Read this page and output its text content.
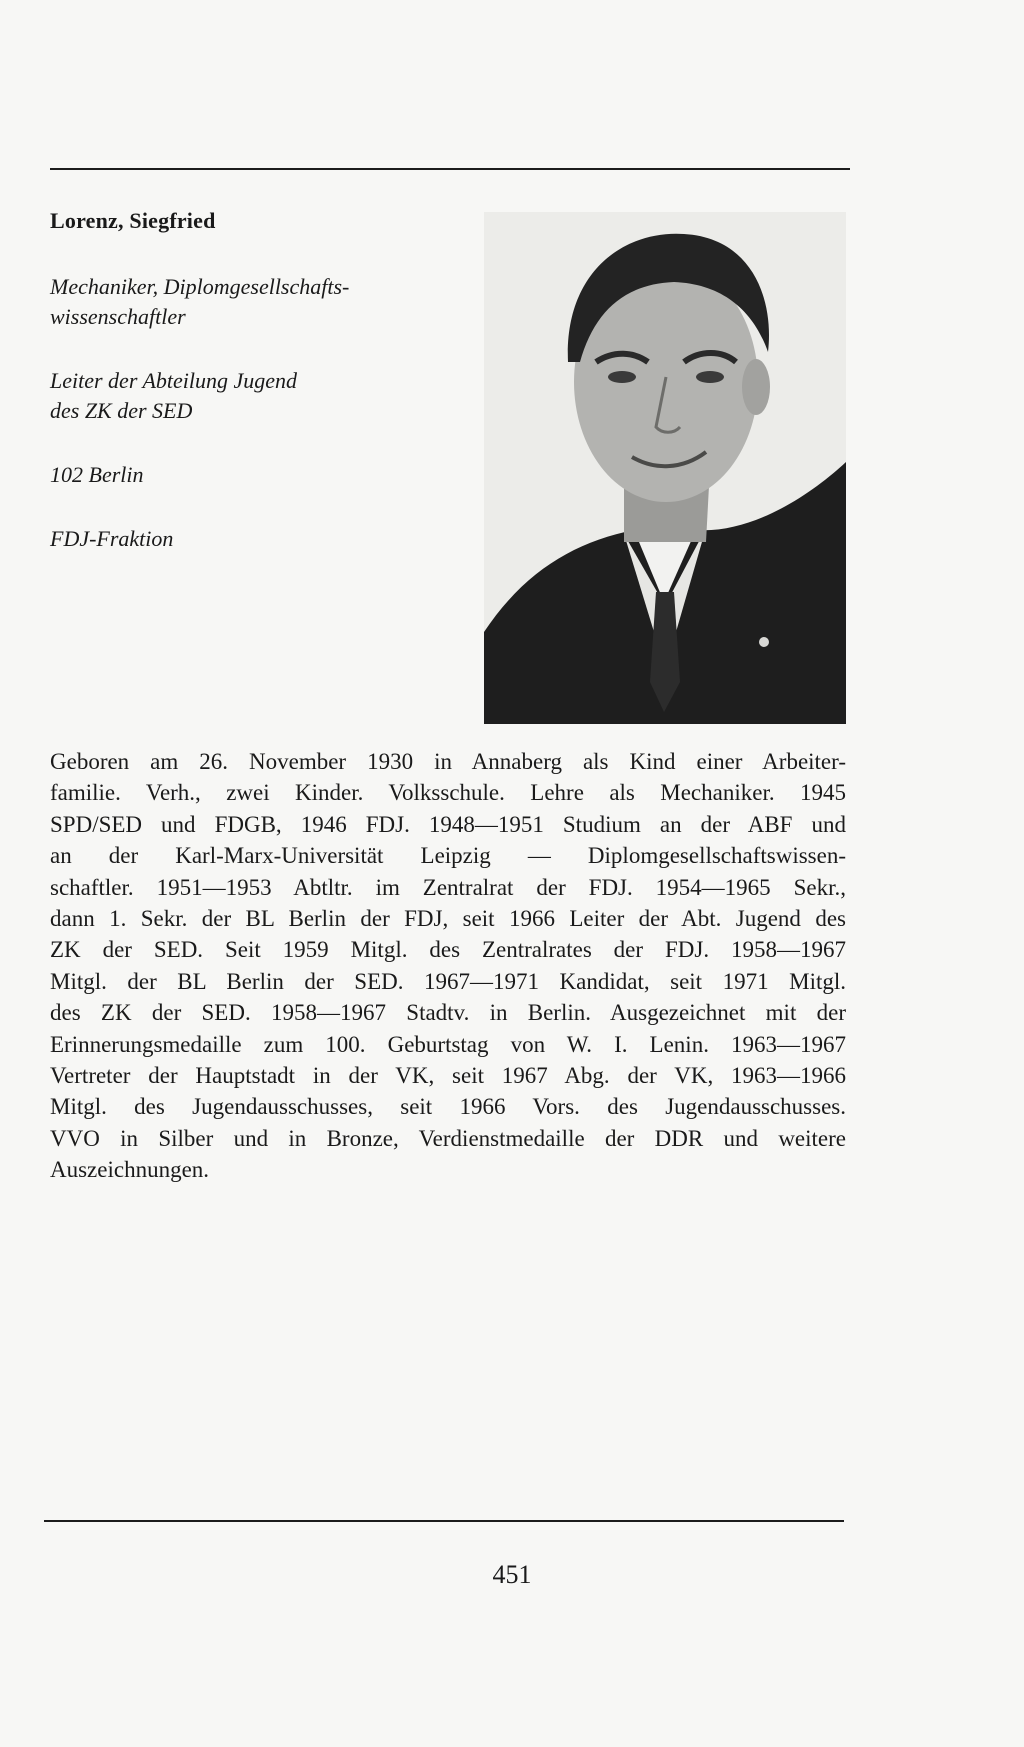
Lorenz, Siegfried
Mechaniker, Diplomgesellschafts-
wissenschaftler
Leiter der Abteilung Jugend
des ZK der SED
102 Berlin
FDJ-Fraktion
Geboren am 26. November 1930 in Annaberg als Kind einer Arbeiter-
familie. Verh., zwei Kinder. Volksschule. Lehre als Mechaniker. 1945
SPD/SED und FDGB, 1946 FDJ. 1948—1951 Studium an der ABF und
an der Karl-Marx-Universität Leipzig — Diplomgesellschaftswissen-
schaftler. 1951—1953 Abtltr. im Zentralrat der FDJ. 1954—1965 Sekr.,
dann 1. Sekr. der BL Berlin der FDJ, seit 1966 Leiter der Abt. Jugend des
ZK der SED. Seit 1959 Mitgl. des Zentralrates der FDJ. 1958—1967
Mitgl. der BL Berlin der SED. 1967—1971 Kandidat, seit 1971 Mitgl.
des ZK der SED. 1958—1967 Stadtv. in Berlin. Ausgezeichnet mit der
Erinnerungsmedaille zum 100. Geburtstag von W. I. Lenin. 1963—1967
Vertreter der Hauptstadt in der VK, seit 1967 Abg. der VK, 1963—1966
Mitgl. des Jugendausschusses, seit 1966 Vors. des Jugendausschusses.
VVO in Silber und in Bronze, Verdienstmedaille der DDR und weitere
Auszeichnungen.
451
